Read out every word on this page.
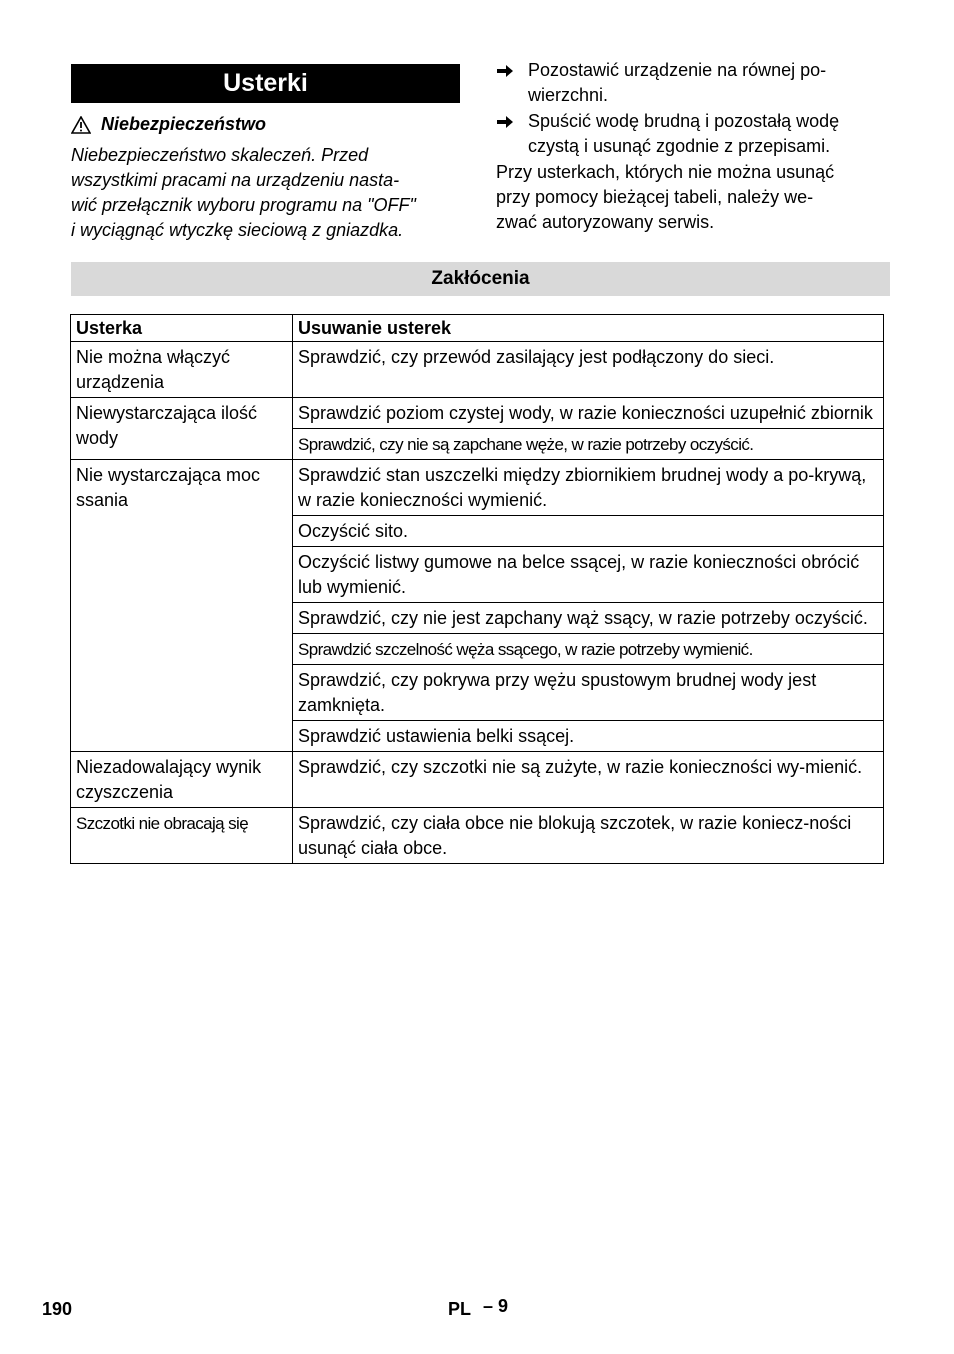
Usterki
Niebezpieczeństwo

Niebezpieczeństwo skaleczeń. Przed
wszystkimi pracami na urządzeniu nasta-
wić przełącznik wyboru programu na "OFF"
i wyciągnąć wtyczkę sieciową z gniazdka.

Pozostawić urządzenie na równej po-
wierzchni.
Spuścić wodę brudną i pozostałą wodę
czystą i usunąć zgodnie z przepisami.

Przy usterkach, których nie można usunąć
przy pomocy bieżącej tabeli, należy we-
zwać autoryzowany serwis.

Zakłócenia
Usterka	Usuwanie usterek
Nie można włączyć urządzenia	Sprawdzić, czy przewód zasilający jest podłączony do sieci.
Niewystarczająca ilość wody	Sprawdzić poziom czystej wody, w razie konieczności uzupełnić zbiornik
	Sprawdzić, czy nie są zapchane węże, w razie potrzeby oczyścić.
Nie wystarczająca moc ssania	Sprawdzić stan uszczelki między zbiornikiem brudnej wody a po-krywą, w razie konieczności wymienić.
	Oczyścić sito.
	Oczyścić listwy gumowe na belce ssącej, w razie konieczności obrócić lub wymienić.
	Sprawdzić, czy nie jest zapchany wąż ssący, w razie potrzeby oczyścić.
	Sprawdzić szczelność węża ssącego, w razie potrzeby wymienić.
	Sprawdzić, czy pokrywa przy wężu spustowym brudnej wody jest zamknięta.
	Sprawdzić ustawienia belki ssącej.
Niezadowalający wynik czyszczenia	Sprawdzić, czy szczotki nie są zużyte, w razie konieczności wy-mienić.
Szczotki nie obracają się	Sprawdzić, czy ciała obce nie blokują szczotek, w razie koniecz-ności usunąć ciała obce.
190	PL – 9
